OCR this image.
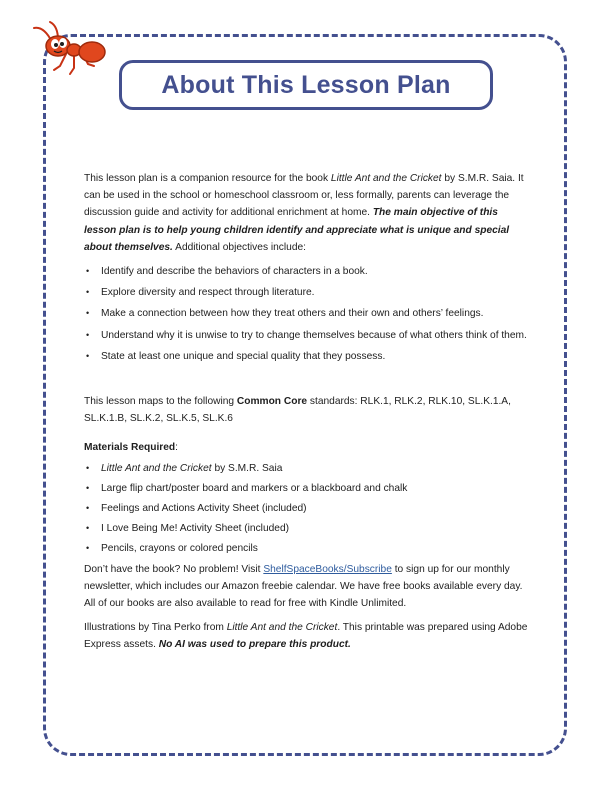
About This Lesson Plan

This lesson plan is a companion resource for the book Little Ant and the Cricket by S.M.R. Saia. It can be used in the school or homeschool classroom or, less formally, parents can leverage the discussion guide and activity for additional enrichment at home. The main objective of this lesson plan is to help young children identify and appreciate what is unique and special about themselves. Additional objectives include:

• Identify and describe the behaviors of characters in a book.
• Explore diversity and respect through literature.
• Make a connection between how they treat others and their own and others’ feelings.
• Understand why it is unwise to try to change themselves because of what others think of them.
• State at least one unique and special quality that they possess.

This lesson maps to the following Common Core standards: RLK.1, RLK.2, RLK.10, SL.K.1.A, SL.K.1.B, SL.K.2, SL.K.5, SL.K.6

Materials Required:

• Little Ant and the Cricket by S.M.R. Saia
• Large flip chart/poster board and markers or a blackboard and chalk
• Feelings and Actions Activity Sheet (included)
• I Love Being Me! Activity Sheet (included)
• Pencils, crayons or colored pencils

Don’t have the book? No problem! Visit ShelfSpaceBooks/Subscribe to sign up for our monthly newsletter, which includes our Amazon freebie calendar. We have free books available every day. All of our books are also available to read for free with Kindle Unlimited.

Illustrations by Tina Perko from Little Ant and the Cricket. This printable was prepared using Adobe Express assets. No AI was used to prepare this product.
